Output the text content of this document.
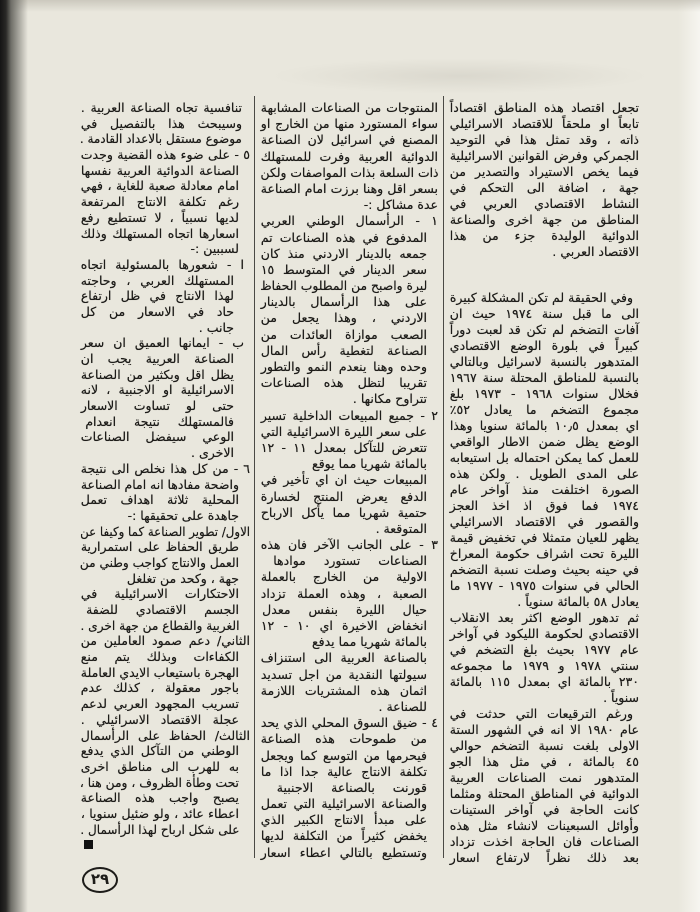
تجعل اقتصاد هذه المناطق اقتصاداً
تابعاً او ملحقاً للاقتصاد الاسرائيلي
ذاته ، وقد تمثل هذا في التوحيد
الجمركي وفرض القوانين الاسرائيلية
فيما يخص الاستيراد والتصدير من
جهة ، اضافة الى التحكم في
النشاط الاقتصادي العربي في
المناطق من جهة اخرى والصناعة
الدوائية الوليدة جزء من هذا
الاقتصاد العربي .
وفي الحقيقة لم تكن المشكلة كبيرة
الى ما قبل سنة ١٩٧٤ حيث ان
آفات التضخم لم تكن قد لعبت دوراً
كبيراً في بلورة الوضع الاقتصادي
المتدهور بالنسبة لاسرائيل وبالتالي
بالنسبة للمناطق المحتلة سنة ١٩٦٧
فخلال سنوات ١٩٦٨ - ١٩٧٣ بلغ
مجموع التضخم ما يعادل ٥٢٪
اي بمعدل ١٠٫٥ بالمائة سنويا وهذا
الوضع يظل ضمن الاطار الواقعي
للعمل كما يمكن احتماله بل استيعابه
على المدى الطويل . ولكن هذه
الصورة اختلفت منذ آواخر عام
١٩٧٤ فما فوق اذ اخذ العجز
والقصور في الاقتصاد الاسرائيلي
يظهر للعيان متمثلا في تخفيض قيمة
الليرة تحت اشراف حكومة المعراخ
في حينه بحيث وصلت نسبة التضخم
الحالي في سنوات ١٩٧٥ - ١٩٧٧ ما
يعادل ٥٨ بالمائة سنوياً .
ثم تدهور الوضع اكثر بعد الانقلاب
الاقتصادي لحكومة الليكود في آواخر
عام ١٩٧٧ بحيث بلغ التضخم في
سنتي ١٩٧٨ و ١٩٧٩ ما مجموعه
٢٣٠ بالمائة اي بمعدل ١١٥ بالمائة
سنوياً .
ورغم الترقيعات التي حدثت في
عام ١٩٨٠ الا انه في الشهور الستة
الاولى بلغت نسبة التضخم حوالي
٤٥ بالمائة ، في مثل هذا الجو
المتدهور نمت الصناعات العربية
الدوائية في المناطق المحتلة ومثلما
كانت الحاجة في آواخر الستينات
وأوائل السبعينات لانشاء مثل هذه
الصناعات فان الحاجة اخذت تزداد
بعد ذلك نظراً لارتفاع اسعار
المنتوجات من الصناعات المشابهة
سواء المستورد منها من الخارج او
المصنع في اسرائيل لان الصناعة
الدوائية العربية وفرت للمستهلك
ذات السلعة بذات المواصفات ولكن
بسعر اقل وهنا برزت امام الصناعة
عدة مشاكل :-
١ - الرأسمال الوطني العربي
المدفوع في هذه الصناعات تم
جمعه بالدينار الاردني منذ كان
سعر الدينار في المتوسط ١٥
ليرة واصبح من المطلوب الحفاظ
على هذا الرأسمال بالدينار
الاردني ، وهذا يجعل من
الصعب موازاة العائدات من
الصناعة لتغطية رأس المال
وحده وهنا ينعدم النمو والتطور
تقريبا لتظل هذه الصناعات
تتراوح مكانها .
٢ - جميع المبيعات الداخلية تسير
على سعر الليرة الاسرائيلية التي
تتعرض للتآكل بمعدل ١١ - ١٢
بالمائة شهريا مما يوقع
المبيعات حيث ان اي تأخير في
الدفع يعرض المنتج لخسارة
حتمية شهريا مما يأكل الارباح
المتوقعة .
٣ - على الجانب الآخر فان هذه
الصناعات تستورد موادها
الاولية من الخارج بالعملة
الصعبة ، وهذه العملة تزداد
حيال الليرة بنفس معدل
انخفاض الاخيرة اي ١٠ - ١٢
بالمائة شهريا مما يدفع
بالصناعة العربية الى استنزاف
سيولتها النقدية من اجل تسديد
اثمان هذه المشتريات اللازمة
للصناعة .
٤ - ضيق السوق المحلي الذي يحد
من طموحات هذه الصناعة
فيحرمها من التوسع كما ويجعل
تكلفة الانتاج عالية جدا اذا ما
قورنت بالصناعة الاجنبية
والصناعة الاسرائيلية التي تعمل
على مبدأ الانتاج الكبير الذي
يخفض كثيراً من التكلفة لديها
وتستطيع بالتالي اعطاء اسعار
تنافسية تجاه الصناعة العربية .
وسيبحث هذا بالتفصيل في
موضوع مستقل بالاعداد القادمة .
٥ - على ضوء هذه القضية وجدت
الصناعة الدوائية العربية نفسها
امام معادلة صعبة للغاية ، فهي
رغم تكلفة الانتاج المرتفعة
لديها نسبياً ، لا تستطيع رفع
اسعارها اتجاه المستهلك وذلك
لسببين :-
ا - شعورها بالمسئولية اتجاه
المستهلك العربي ، وحاجته
لهذا الانتاج في ظل ارتفاع
حاد في الاسعار من كل
جانب .
ب - ايمانها العميق ان سعر
الصناعة العربية يجب ان
يظل اقل وبكثير من الصناعة
الاسرائيلية او الاجنبية ، لانه
حتى لو تساوت الاسعار
فالمستهلك نتيجة انعدام
الوعي سيفضل الصناعات
الاخرى .
٦ - من كل هذا نخلص الى نتيجة
واضحة مفادها انه امام الصناعة
المحلية ثلاثة اهداف تعمل
جاهدة على تحقيقها :-
الاول/ تطوير الصناعة كما وكيفا عن
طريق الحفاظ على استمرارية
العمل والانتاج كواجب وطني من
جهة ، وكحد من تغلغل
الاحتكارات الاسرائيلية في
الجسم الاقتصادي للضفة
الغربية والقطاع من جهة اخرى .
الثاني/ دعم صمود العاملين من
الكفاءات وبذلك يتم منع
الهجرة باستيعاب الايدي العاملة
باجور معقولة ، كذلك عدم
تسريب المجهود العربي لدعم
عجلة الاقتصاد الاسرائيلي .
الثالث/ الحفاظ على الرأسمال
الوطني من التآكل الذي يدفع
به للهرب الى مناطق اخرى
تحت وطأة الظروف ، ومن هنا ،
يصبح واجب هذه الصناعة
اعطاء عائد ، ولو ضئيل سنويا ،
على شكل ارباح لهذا الرأسمال .
٢٩
